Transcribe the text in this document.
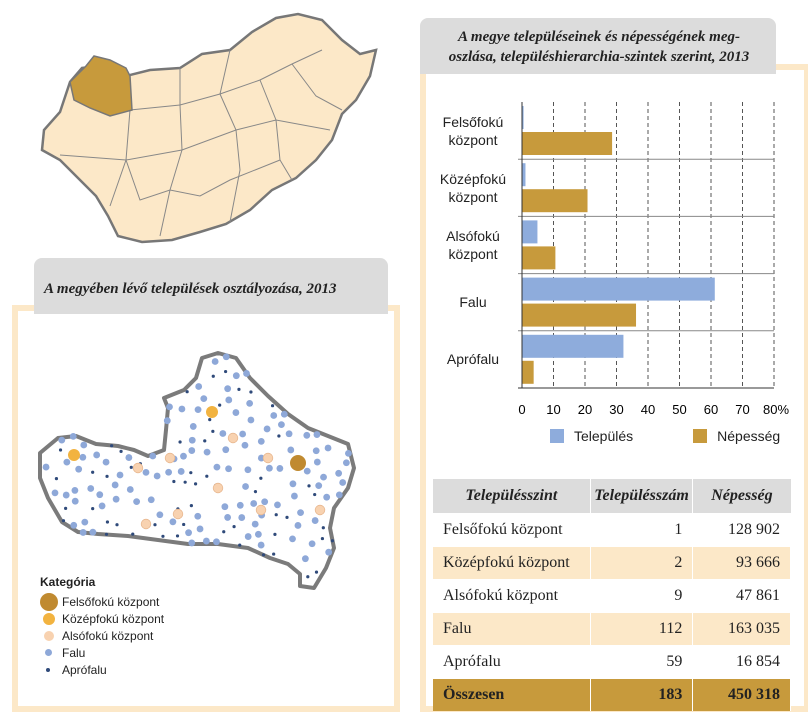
A megyében lévő települések osztályozása, 2013
Kategória
Felsőfokú központ
Középfokú központ
Alsófokú központ
Falu
Aprófalu
A megye településeinek és népességének meg-
oszlása, településhierarchia-szintek szerint, 2013
0 10 20 30 40 50 60 70 80%
Felsőfokú
központ
Középfokú
központ
Alsófokú
központ
Falu
Aprófalu
Település	Népesség
Településszint	Településszám	Népesség
Felsőfokú központ	1	128 902
Középfokú központ	2	93 666
Alsófokú központ	9	47 861
Falu	112	163 035
Aprófalu	59	16 854
Összesen	183	450 318
